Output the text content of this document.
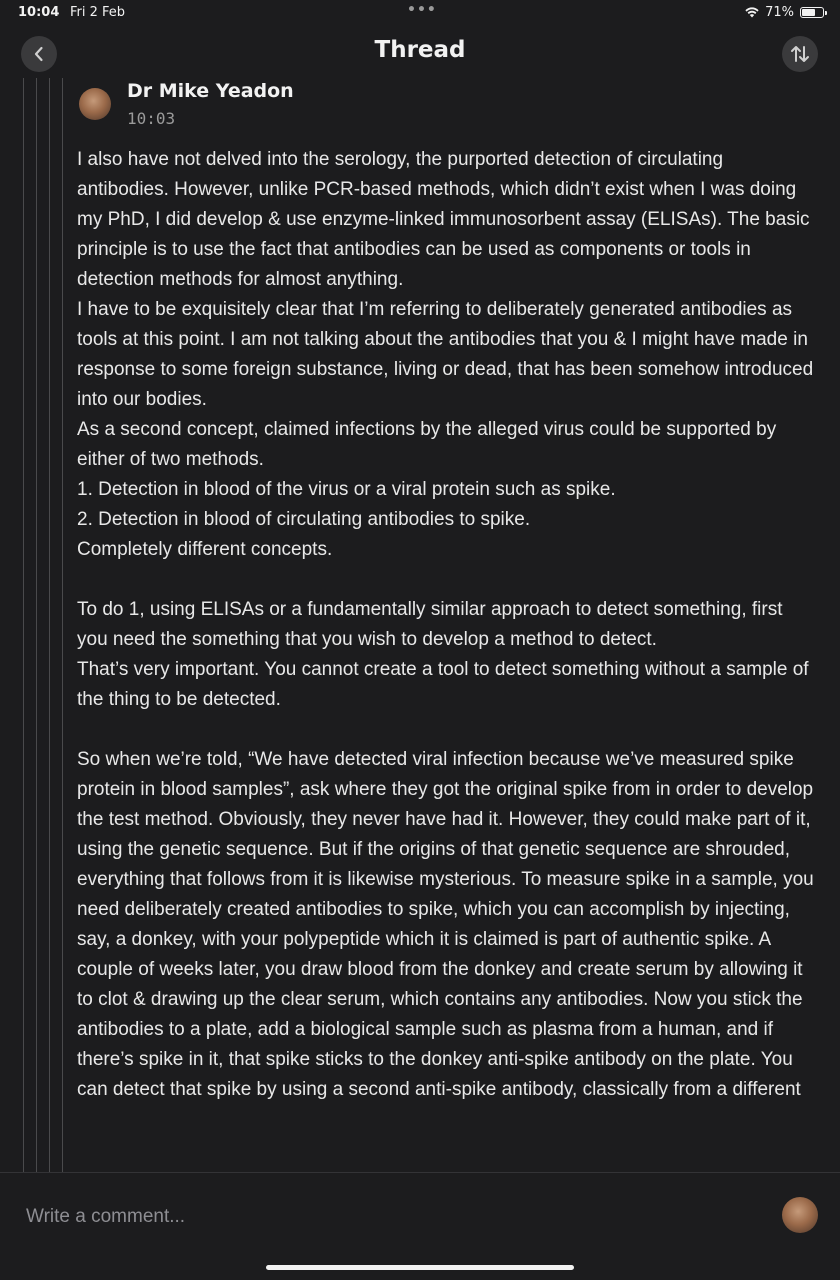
10:04 Fri 2 Feb	•••	71%
Thread
Dr Mike Yeadon
10:03

I also have not delved into the serology, the purported detection of circulating antibodies. However, unlike PCR-based methods, which didn’t exist when I was doing my PhD, I did develop & use enzyme-linked immunosorbent assay (ELISAs). The basic principle is to use the fact that antibodies can be used as components or tools in detection methods for almost anything.

I have to be exquisitely clear that I’m referring to deliberately generated antibodies as tools at this point. I am not talking about the antibodies that you & I might have made in response to some foreign substance, living or dead, that has been somehow introduced into our bodies.

As a second concept, claimed infections by the alleged virus could be supported by either of two methods.

1. Detection in blood of the virus or a viral protein such as spike.

2. Detection in blood of circulating antibodies to spike.

Completely different concepts.

To do 1, using ELISAs or a fundamentally similar approach to detect something, first you need the something that you wish to develop a method to detect.

That’s very important. You cannot create a tool to detect something without a sample of the thing to be detected.

So when we’re told, “We have detected viral infection because we’ve measured spike protein in blood samples”, ask where they got the original spike from in order to develop the test method. Obviously, they never have had it. However, they could make part of it, using the genetic sequence. But if the origins of that genetic sequence are shrouded, everything that follows from it is likewise mysterious. To measure spike in a sample, you need deliberately created antibodies to spike, which you can accomplish by injecting, say, a donkey, with your polypeptide which it is claimed is part of authentic spike. A couple of weeks later, you draw blood from the donkey and create serum by allowing it to clot & drawing up the clear serum, which contains any antibodies. Now you stick the antibodies to a plate, add a biological sample such as plasma from a human, and if there’s spike in it, that spike sticks to the donkey anti-spike antibody on the plate. You can detect that spike by using a second anti-spike antibody, classically from a different

Write a comment...
